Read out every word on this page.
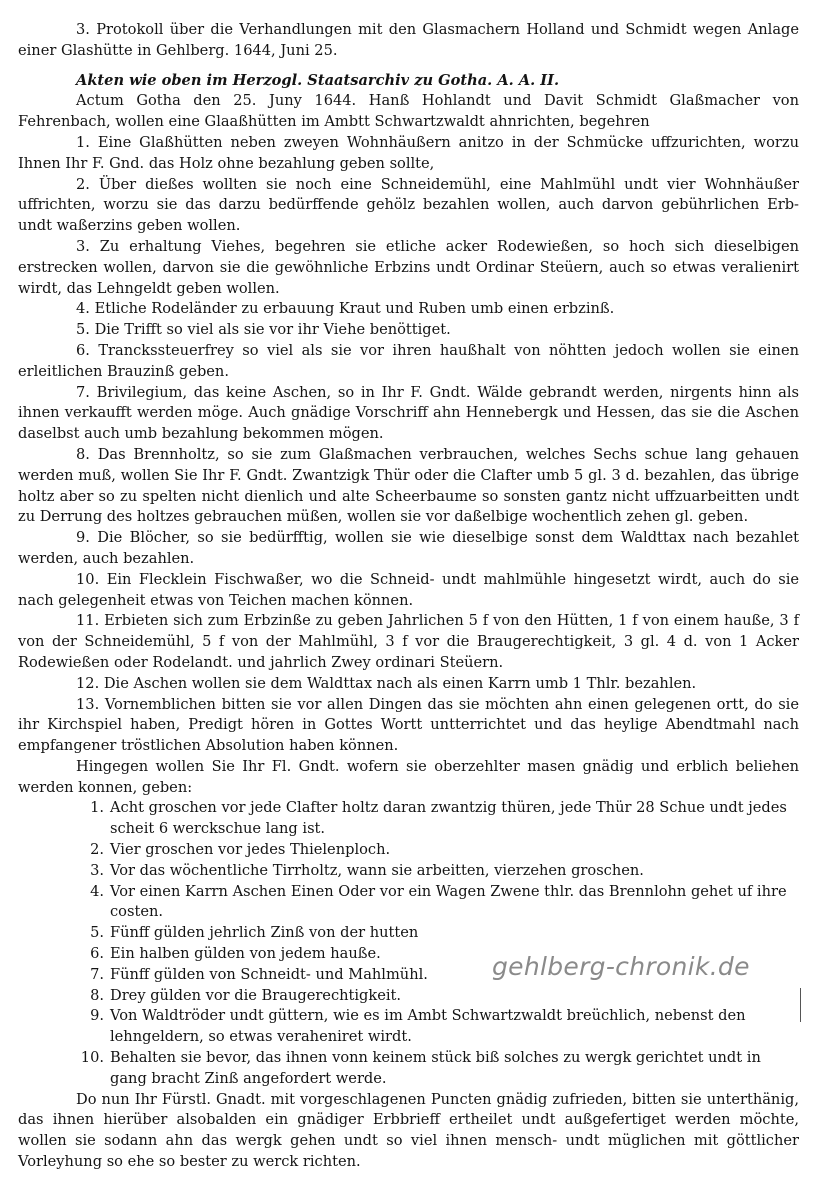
3. Protokoll über die Verhandlungen mit den Glasmachern Holland und Schmidt wegen Anlage einer Glashütte in Gehlberg. 1644, Juni 25.

Akten wie oben im Herzogl. Staatsarchiv zu Gotha. A. A. II.

Actum Gotha den 25. Juny 1644. Hanß Hohlandt und Davit Schmidt Glaßmacher von Fehrenbach, wollen eine Glaaßhütten im Ambtt Schwartzwaldt ahnrichten, begehren

1. Eine Glaßhütten neben zweyen Wohnhäußern anitzo in der Schmücke uffzurichten, worzu Ihnen Ihr F. Gnd. das Holz ohne bezahlung geben sollte,

2. Über dießes wollten sie noch eine Schneidemühl, eine Mahlmühl undt vier Wohnhäußer uffrichten, worzu sie das darzu bedürffende gehölz bezahlen wollen, auch darvon gebührlichen Erb- undt waßerzins geben wollen.

3. Zu erhaltung Viehes, begehren sie etliche acker Rodewießen, so hoch sich dieselbigen erstrecken wollen, darvon sie die gewöhnliche Erbzins undt Ordinar Steüern, auch so etwas veralienirt wirdt, das Lehngeldt geben wollen.

4. Etliche Rodeländer zu erbauung Kraut und Ruben umb einen erbzinß.

5. Die Trifft so viel als sie vor ihr Viehe benöttiget.

6. Tranckssteuerfrey so viel als sie vor ihren haußhalt von nöhtten jedoch wollen sie einen erleitlichen Brauzinß geben.

7. Brivilegium, das keine Aschen, so in Ihr F. Gndt. Wälde gebrandt werden, nirgents hinn als ihnen verkaufft werden möge. Auch gnädige Vorschriff ahn Hennebergk und Hessen, das sie die Aschen daselbst auch umb bezahlung bekommen mögen.

8. Das Brennholtz, so sie zum Glaßmachen verbrauchen, welches Sechs schue lang gehauen werden muß, wollen Sie Ihr F. Gndt. Zwantzigk Thür oder die Clafter umb 5 gl. 3 d. bezahlen, das übrige holtz aber so zu spelten nicht dienlich und alte Scheerbaume so sonsten gantz nicht uffzuarbeitten undt zu Derrung des holtzes gebrauchen müßen, wollen sie vor daßelbige wochentlich zehen gl. geben.

9. Die Blöcher, so sie bedürfftig, wollen sie wie dieselbige sonst dem Waldttax nach bezahlet werden, auch bezahlen.

10. Ein Flecklein Fischwaßer, wo die Schneid- undt mahlmühle hingesetzt wirdt, auch do sie nach gelegenheit etwas von Teichen machen können.

11. Erbieten sich zum Erbzinße zu geben Jahrlichen 5 f von den Hütten, 1 f von einem hauße, 3 f von der Schneidemühl, 5 f von der Mahlmühl, 3 f vor die Braugerechtigkeit, 3 gl. 4 d. von 1 Acker Rodewießen oder Rodelandt. und jahrlich Zwey ordinari Steüern.

12. Die Aschen wollen sie dem Waldttax nach als einen Karrn umb 1 Thlr. bezahlen.

13. Vornemblichen bitten sie vor allen Dingen das sie möchten ahn einen gelegenen ortt, do sie ihr Kirchspiel haben, Predigt hören in Gottes Wortt untterrichtet und das heylige Abendtmahl nach empfangener tröstlichen Absolution haben können.

Hingegen wollen Sie Ihr Fl. Gndt. wofern sie oberzehlter masen gnädig und erblich beliehen werden konnen, geben:

1. Acht groschen vor jede Clafter holtz daran zwantzig thüren, jede Thür 28 Schue undt jedes scheit 6 werckschue lang ist.
2. Vier groschen vor jedes Thielenploch.
3. Vor das wöchentliche Tirrholtz, wann sie arbeitten, vierzehen groschen.
4. Vor einen Karrn Aschen Einen Oder vor ein Wagen Zwene thlr. das Brennlohn gehet uf ihre costen.
5. Fünff gülden jehrlich Zinß von der hutten
6. Ein halben gülden von jedem hauße.
7. Fünff gülden von Schneidt- und Mahlmühl.
8. Drey gülden vor die Braugerechtigkeit.
9. Von Waldtröder undt güttern, wie es im Ambt Schwartzwaldt breüchlich, nebenst den lehngeldern, so etwas veraheniret wirdt.
10. Behalten sie bevor, das ihnen vonn keinem stück biß solches zu wergk gerichtet undt in gang bracht Zinß angefordert werde.

Do nun Ihr Fürstl. Gnadt. mit vorgeschlagenen Puncten gnädig zufrieden, bitten sie unterthänig, das ihnen hierüber alsobalden ein gnädiger Erbbrieff ertheilet undt außgefertiget werden möchte, wollen sie sodann ahn das wergk gehen undt so viel ihnen mensch- undt müglichen mit göttlicher Vorleyhung so ehe so bester zu werck richten.

gehlberg-chronik.de
